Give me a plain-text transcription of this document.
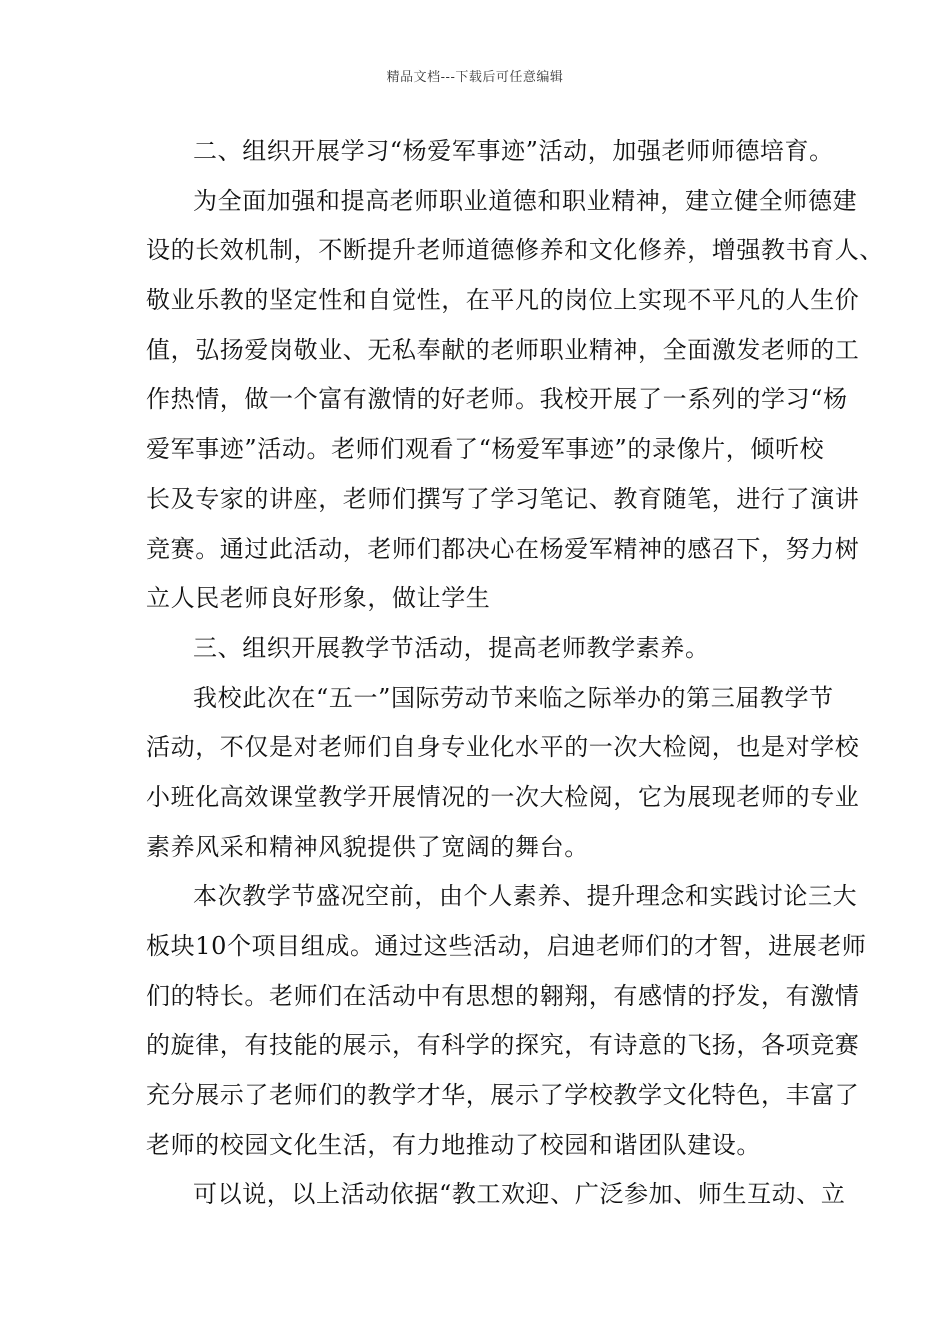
精品文档---下载后可任意编辑
二、组织开展学习“杨爱军事迹”活动，加强老师师德培育。
为全面加强和提高老师职业道德和职业精神，建立健全师德建
设的长效机制，不断提升老师道德修养和文化修养，增强教书育人、
敬业乐教的坚定性和自觉性，在平凡的岗位上实现不平凡的人生价
值，弘扬爱岗敬业、无私奉献的老师职业精神，全面激发老师的工
作热情，做一个富有激情的好老师。我校开展了一系列的学习“杨
爱军事迹”活动。老师们观看了“杨爱军事迹”的录像片，倾听校
长及专家的讲座，老师们撰写了学习笔记、教育随笔，进行了演讲
竞赛。通过此活动，老师们都决心在杨爱军精神的感召下，努力树
立人民老师良好形象，做让学生
三、组织开展教学节活动，提高老师教学素养。
我校此次在“五一”国际劳动节来临之际举办的第三届教学节
活动，不仅是对老师们自身专业化水平的一次大检阅，也是对学校
小班化高效课堂教学开展情况的一次大检阅，它为展现老师的专业
素养风采和精神风貌提供了宽阔的舞台。
本次教学节盛况空前，由个人素养、提升理念和实践讨论三大
板块10个项目组成。通过这些活动，启迪老师们的才智，进展老师
们的特长。老师们在活动中有思想的翱翔，有感情的抒发，有激情
的旋律，有技能的展示，有科学的探究，有诗意的飞扬，各项竞赛
充分展示了老师们的教学才华，展示了学校教学文化特色，丰富了
老师的校园文化生活，有力地推动了校园和谐团队建设。
可以说，以上活动依据“教工欢迎、广泛参加、师生互动、立
